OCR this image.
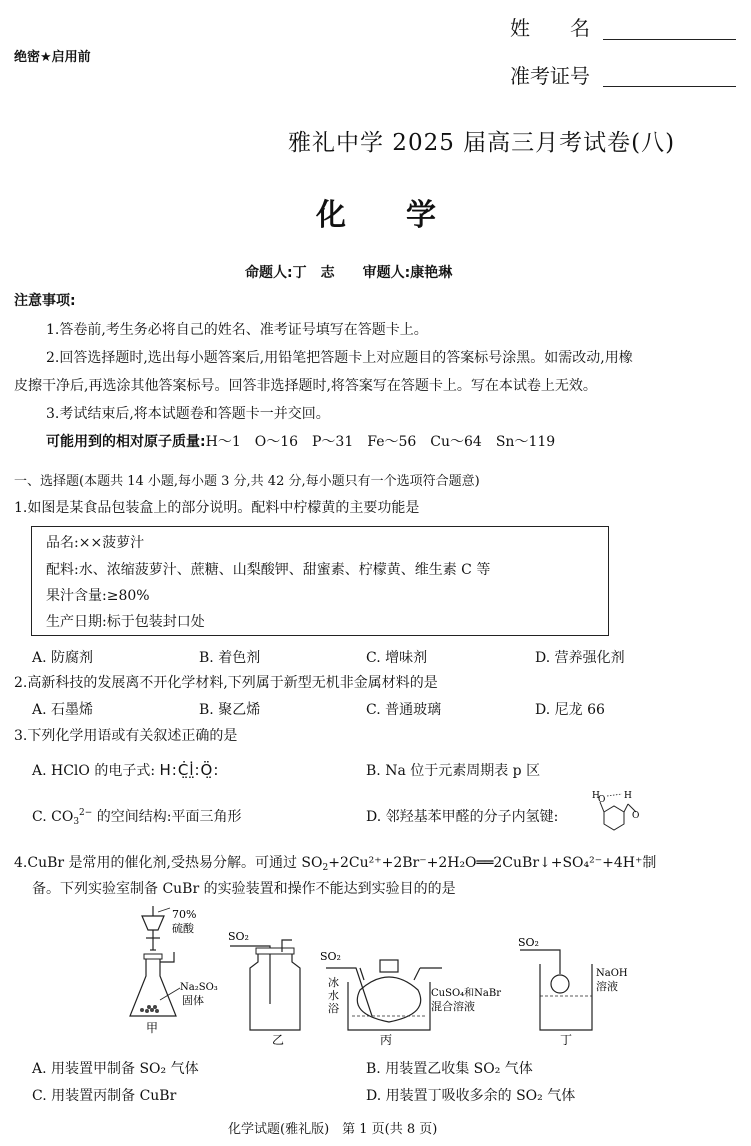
绝密★启用前
姓　　名
准考证号
雅礼中学 2025 届高三月考试卷(八)
化　　学
命题人:丁　志　　审题人:康艳琳
注意事项:
1.答卷前,考生务必将自己的姓名、准考证号填写在答题卡上。
2.回答选择题时,选出每小题答案后,用铅笔把答题卡上对应题目的答案标号涂黑。如需改动,用橡
皮擦干净后,再选涂其他答案标号。回答非选择题时,将答案写在答题卡上。写在本试卷上无效。
3.考试结束后,将本试题卷和答题卡一并交回。
可能用到的相对原子质量:H～1　O～16　P～31　Fe～56　Cu～64　Sn～119
一、选择题(本题共 14 小题,每小题 3 分,共 42 分,每小题只有一个选项符合题意)
1.如图是某食品包装盒上的部分说明。配料中柠檬黄的主要功能是
品名:××菠萝汁
配料:水、浓缩菠萝汁、蔗糖、山梨酸钾、甜蜜素、柠檬黄、维生素 C 等
果汁含量:≥80%
生产日期:标于包装封口处
A. 防腐剂	B. 着色剂	C. 增味剂	D. 营养强化剂
2.高新科技的发展离不开化学材料,下列属于新型无机非金属材料的是
A. 石墨烯	B. 聚乙烯	C. 普通玻璃	D. 尼龙 66
3.下列化学用语或有关叙述正确的是
A. HClO 的电子式: H:Ċ̤l̤̇:Ö̤:	B. Na 位于元素周期表 p 区
C. $CO_3^{2-}$ 的空间结构:平面三角形	D. 邻羟基苯甲醛的分子内氢键:
H
O H
O
4.CuBr 是常用的催化剂,受热易分解。可通过 $SO_2+2Cu^{2+}+2Br^-+2H_2O══2CuBr↓+SO_4^{2-}+4H^+$制
备。下列实验室制备 CuBr 的实验装置和操作不能达到实验目的的是
70%
硫酸
Na₂SO₃
固体
甲
SO₂
乙
SO₂
冰
水
浴
CuSO₄和NaBr
混合溶液
丙
SO₂
NaOH
溶液
丁
A. 用装置甲制备 SO₂ 气体	B. 用装置乙收集 SO₂ 气体
C. 用装置丙制备 CuBr	D. 用装置丁吸收多余的 SO₂ 气体
化学试题(雅礼版)　第 1 页(共 8 页)
